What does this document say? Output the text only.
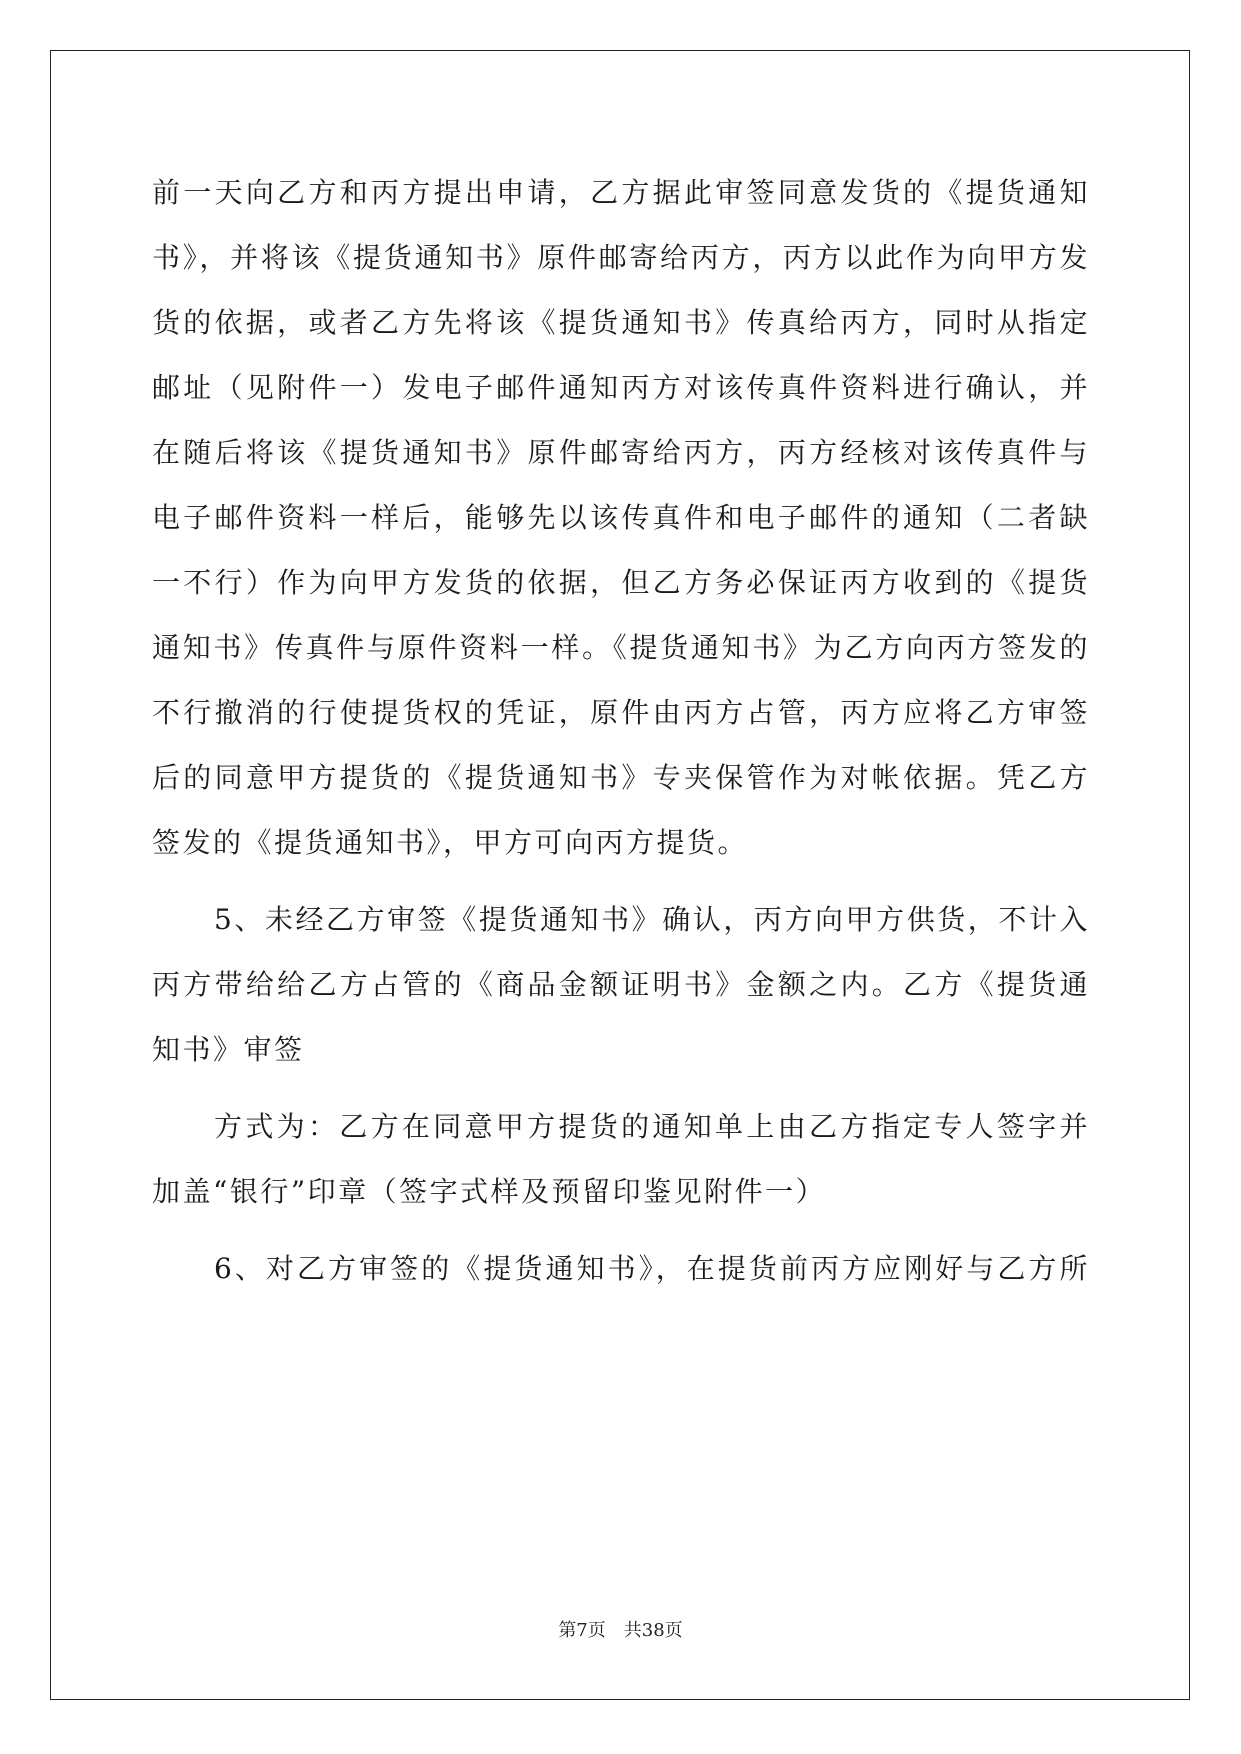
前一天向乙方和丙方提出申请，乙方据此审签同意发货的《提货通知
书》，并将该《提货通知书》原件邮寄给丙方，丙方以此作为向甲方发
货的依据，或者乙方先将该《提货通知书》传真给丙方，同时从指定
邮址（见附件一）发电子邮件通知丙方对该传真件资料进行确认，并
在随后将该《提货通知书》原件邮寄给丙方，丙方经核对该传真件与
电子邮件资料一样后，能够先以该传真件和电子邮件的通知（二者缺
一不行）作为向甲方发货的依据，但乙方务必保证丙方收到的《提货
通知书》传真件与原件资料一样。《提货通知书》为乙方向丙方签发的
不行撤消的行使提货权的凭证，原件由丙方占管，丙方应将乙方审签
后的同意甲方提货的《提货通知书》专夹保管作为对帐依据。凭乙方
签发的《提货通知书》，甲方可向丙方提货。
5、未经乙方审签《提货通知书》确认，丙方向甲方供货，不计入
丙方带给给乙方占管的《商品金额证明书》金额之内。乙方《提货通
知书》审签
方式为：乙方在同意甲方提货的通知单上由乙方指定专人签字并
加盖“银行”印章（签字式样及预留印鉴见附件一）
6、对乙方审签的《提货通知书》，在提货前丙方应刚好与乙方所
第7页 共38页
